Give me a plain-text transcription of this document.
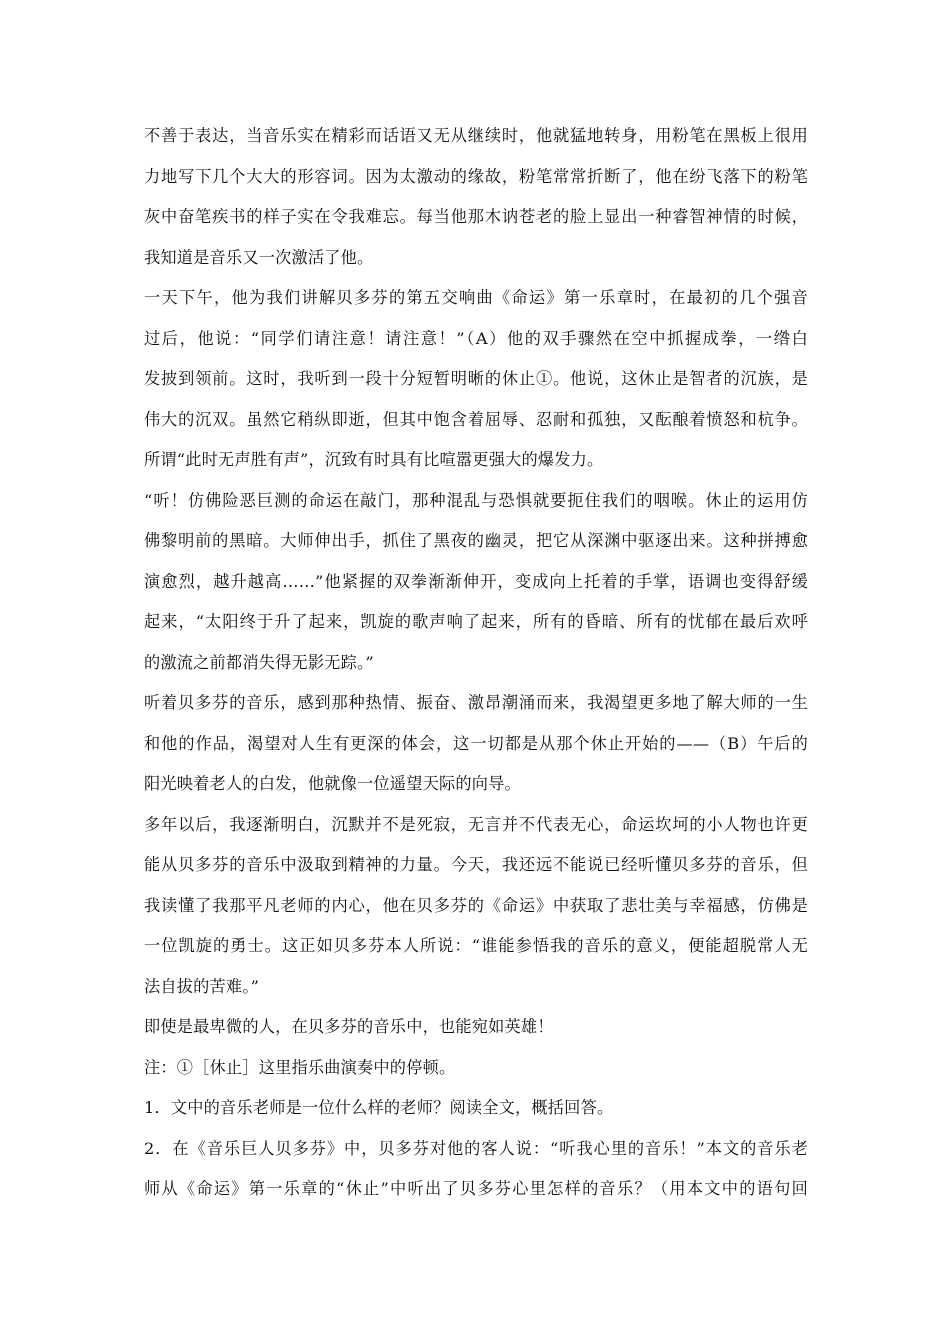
不善于表达，当音乐实在精彩而话语又无从继续时，他就猛地转身，用粉笔在黑板上很用
力地写下几个大大的形容词。因为太激动的缘故，粉笔常常折断了，他在纷飞落下的粉笔
灰中奋笔疾书的样子实在令我难忘。每当他那木讷苍老的脸上显出一种睿智神情的时候，
我知道是音乐又一次激活了他。
一天下午，他为我们讲解贝多芬的第五交响曲《命运》第一乐章时，在最初的几个强音
过后，他说：“同学们请注意！请注意！”（A）他的双手骤然在空中抓握成拳，一绺白
发披到领前。这时，我听到一段十分短暂明晰的休止①。他说，这休止是智者的沉族，是
伟大的沉双。虽然它稍纵即逝，但其中饱含着屈辱、忍耐和孤独，又酝酿着愤怒和杭争。
所谓“此时无声胜有声”，沉致有时具有比喧嚣更强大的爆发力。
“听！仿佛险恶巨测的命运在敲门，那种混乱与恐惧就要扼住我们的咽喉。休止的运用仿
佛黎明前的黑暗。大师伸出手，抓住了黑夜的幽灵，把它从深渊中驱逐出来。这种拼搏愈
演愈烈，越升越高……”他紧握的双拳渐渐伸开，变成向上托着的手掌，语调也变得舒缓
起来，“太阳终于升了起来，凯旋的歌声响了起来，所有的昏暗、所有的忧郁在最后欢呼
的激流之前都消失得无影无踪。”
听着贝多芬的音乐，感到那种热情、振奋、激昂潮涌而来，我渴望更多地了解大师的一生
和他的作品，渴望对人生有更深的体会，这一切都是从那个休止开始的——（B）午后的
阳光映着老人的白发，他就像一位遥望天际的向导。
多年以后，我逐渐明白，沉默并不是死寂，无言并不代表无心，命运坎坷的小人物也许更
能从贝多芬的音乐中汲取到精神的力量。今天，我还远不能说已经听懂贝多芬的音乐，但
我读懂了我那平凡老师的内心，他在贝多芬的《命运》中获取了悲壮美与幸福感，仿佛是
一位凯旋的勇士。这正如贝多芬本人所说：“谁能参悟我的音乐的意义，便能超脱常人无
法自拔的苦难。”
即使是最卑微的人，在贝多芬的音乐中，也能宛如英雄！
注：①［休止］这里指乐曲演奏中的停顿。
1．文中的音乐老师是一位什么样的老师？阅读全文，概括回答。
2．在《音乐巨人贝多芬》中，贝多芬对他的客人说：“听我心里的音乐！”本文的音乐老
师从《命运》第一乐章的“休止”中听出了贝多芬心里怎样的音乐？（用本文中的语句回
